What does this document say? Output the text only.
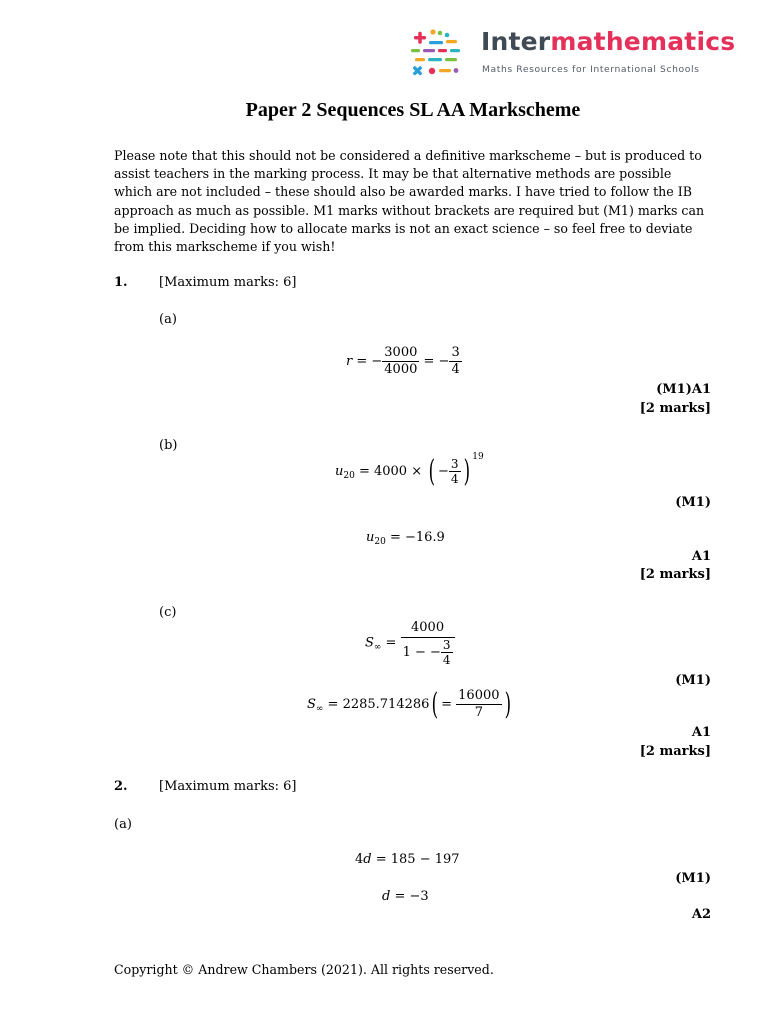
Intermathematics
Maths Resources for International Schools
Paper 2 Sequences SL AA Markscheme
Please note that this should not be considered a definitive markscheme – but is produced to
assist teachers in the marking process. It may be that alternative methods are possible
which are not included – these should also be awarded marks. I have tried to follow the IB
approach as much as possible. M1 marks without brackets are required but (M1) marks can
be implied. Deciding how to allocate marks is not an exact science – so feel free to deviate
from this markscheme if you wish!
1. [Maximum marks: 6]
(a)
r = − $\frac{3000}{4000}$ = − $\frac{3}{4}$
(M1)A1
[2 marks]
(b)
$u_{20} = 4000$ × ( − $\frac{3}{4}$ ) $^{19}$
(M1)
$u_{20} = -16.9$
A1
[2 marks]
(c)
$S_\infty = \frac{4000}{1 - - \frac{3}{4}}$
(M1)
$S_\infty = 2285.714286( = \frac{16000}{7}$ )
A1
[2 marks]
2. [Maximum marks: 6]
(a)
4d = 185 − 197
(M1)
d = −3
A2
Copyright © Andrew Chambers (2021). All rights reserved.
